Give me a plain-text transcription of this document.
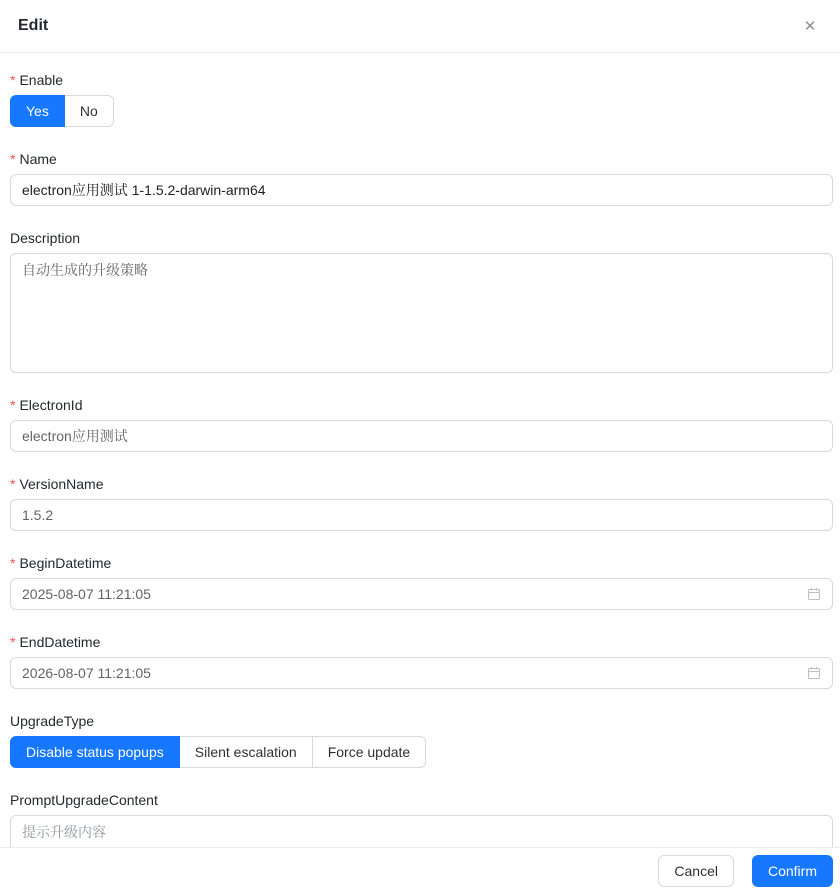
Edit	✕
* Enable
Yes	No
* Name
electron应用测试 1-1.5.2-darwin-arm64
Description
自动生成的升级策略
* ElectronId
electron应用测试
* VersionName
1.5.2
* BeginDatetime
2025-08-07 11:21:05
* EndDatetime
2026-08-07 11:21:05
UpgradeType
Disable status popups	Silent escalation	Force update
PromptUpgradeContent
提示升级内容
Cancel	Confirm
